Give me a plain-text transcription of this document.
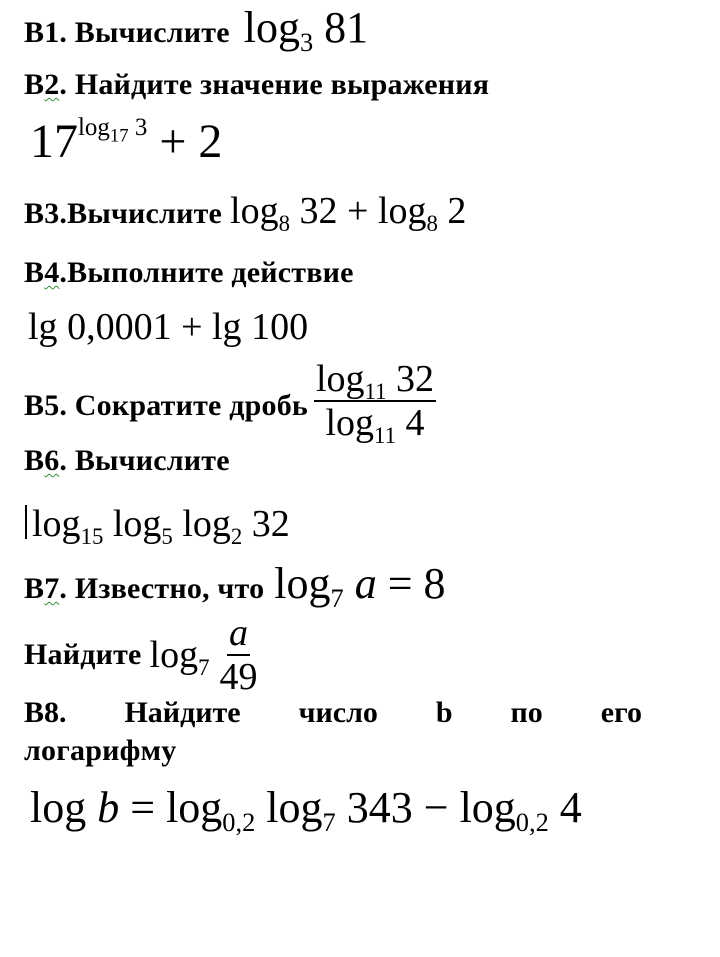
B1. Вычислите $\log_3 81$
B2. Найдите значение выражения
$17^{log_{17} 3} + 2$
B3.Вычислите $\log_8 32 + \log_8 2$
B4.Выполните действие
lg 0,0001 + lg 100
B5. Сократите дробь $\frac{\log_{11} 32}{\log_{11} 4}$
B6. Вычислите
$\log_{15} \log_5 \log_2 32$
B7. Известно, что $\log_7 a = 8$
Найдите $\log_7 \frac{a}{49}$
B8. Найдите число b по его
логарифму
$\log b = \log_{0,2} \log_7 343 - \log_{0,2} 4$
